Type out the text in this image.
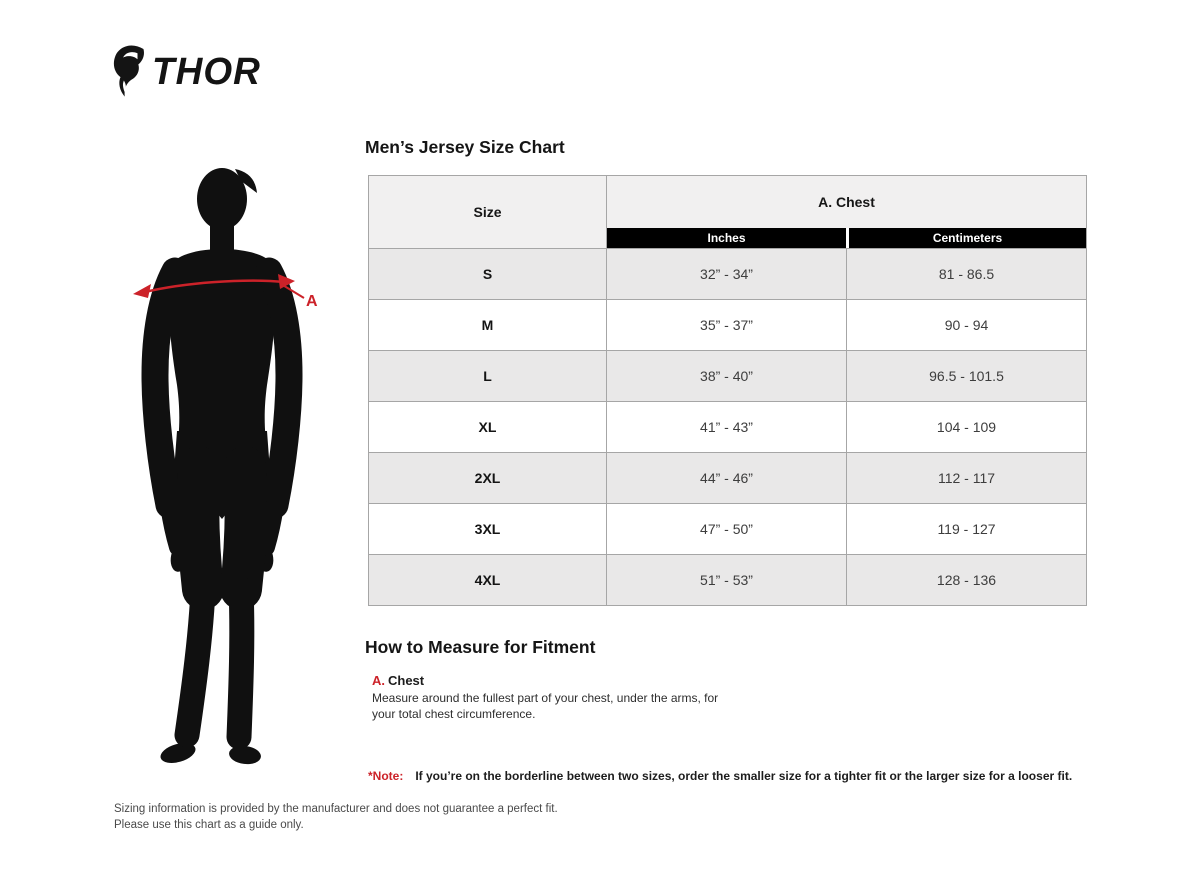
THOR
A
Men’s Jersey Size Chart
Size
A. Chest
Inches	Centimeters
S	32” - 34”	81 - 86.5
M	35” - 37”	90 - 94
L	38” - 40”	96.5 - 101.5
XL	41” - 43”	104 - 109
2XL	44” - 46”	112 - 117
3XL	47” - 50”	119 - 127
4XL	51” - 53”	128 - 136
How to Measure for Fitment
A. Chest
Measure around the fullest part of your chest, under the arms, for your total chest circumference.
*Note: If you’re on the borderline between two sizes, order the smaller size for a tighter fit or the larger size for a looser fit.
Sizing information is provided by the manufacturer and does not guarantee a perfect fit.
Please use this chart as a guide only.
